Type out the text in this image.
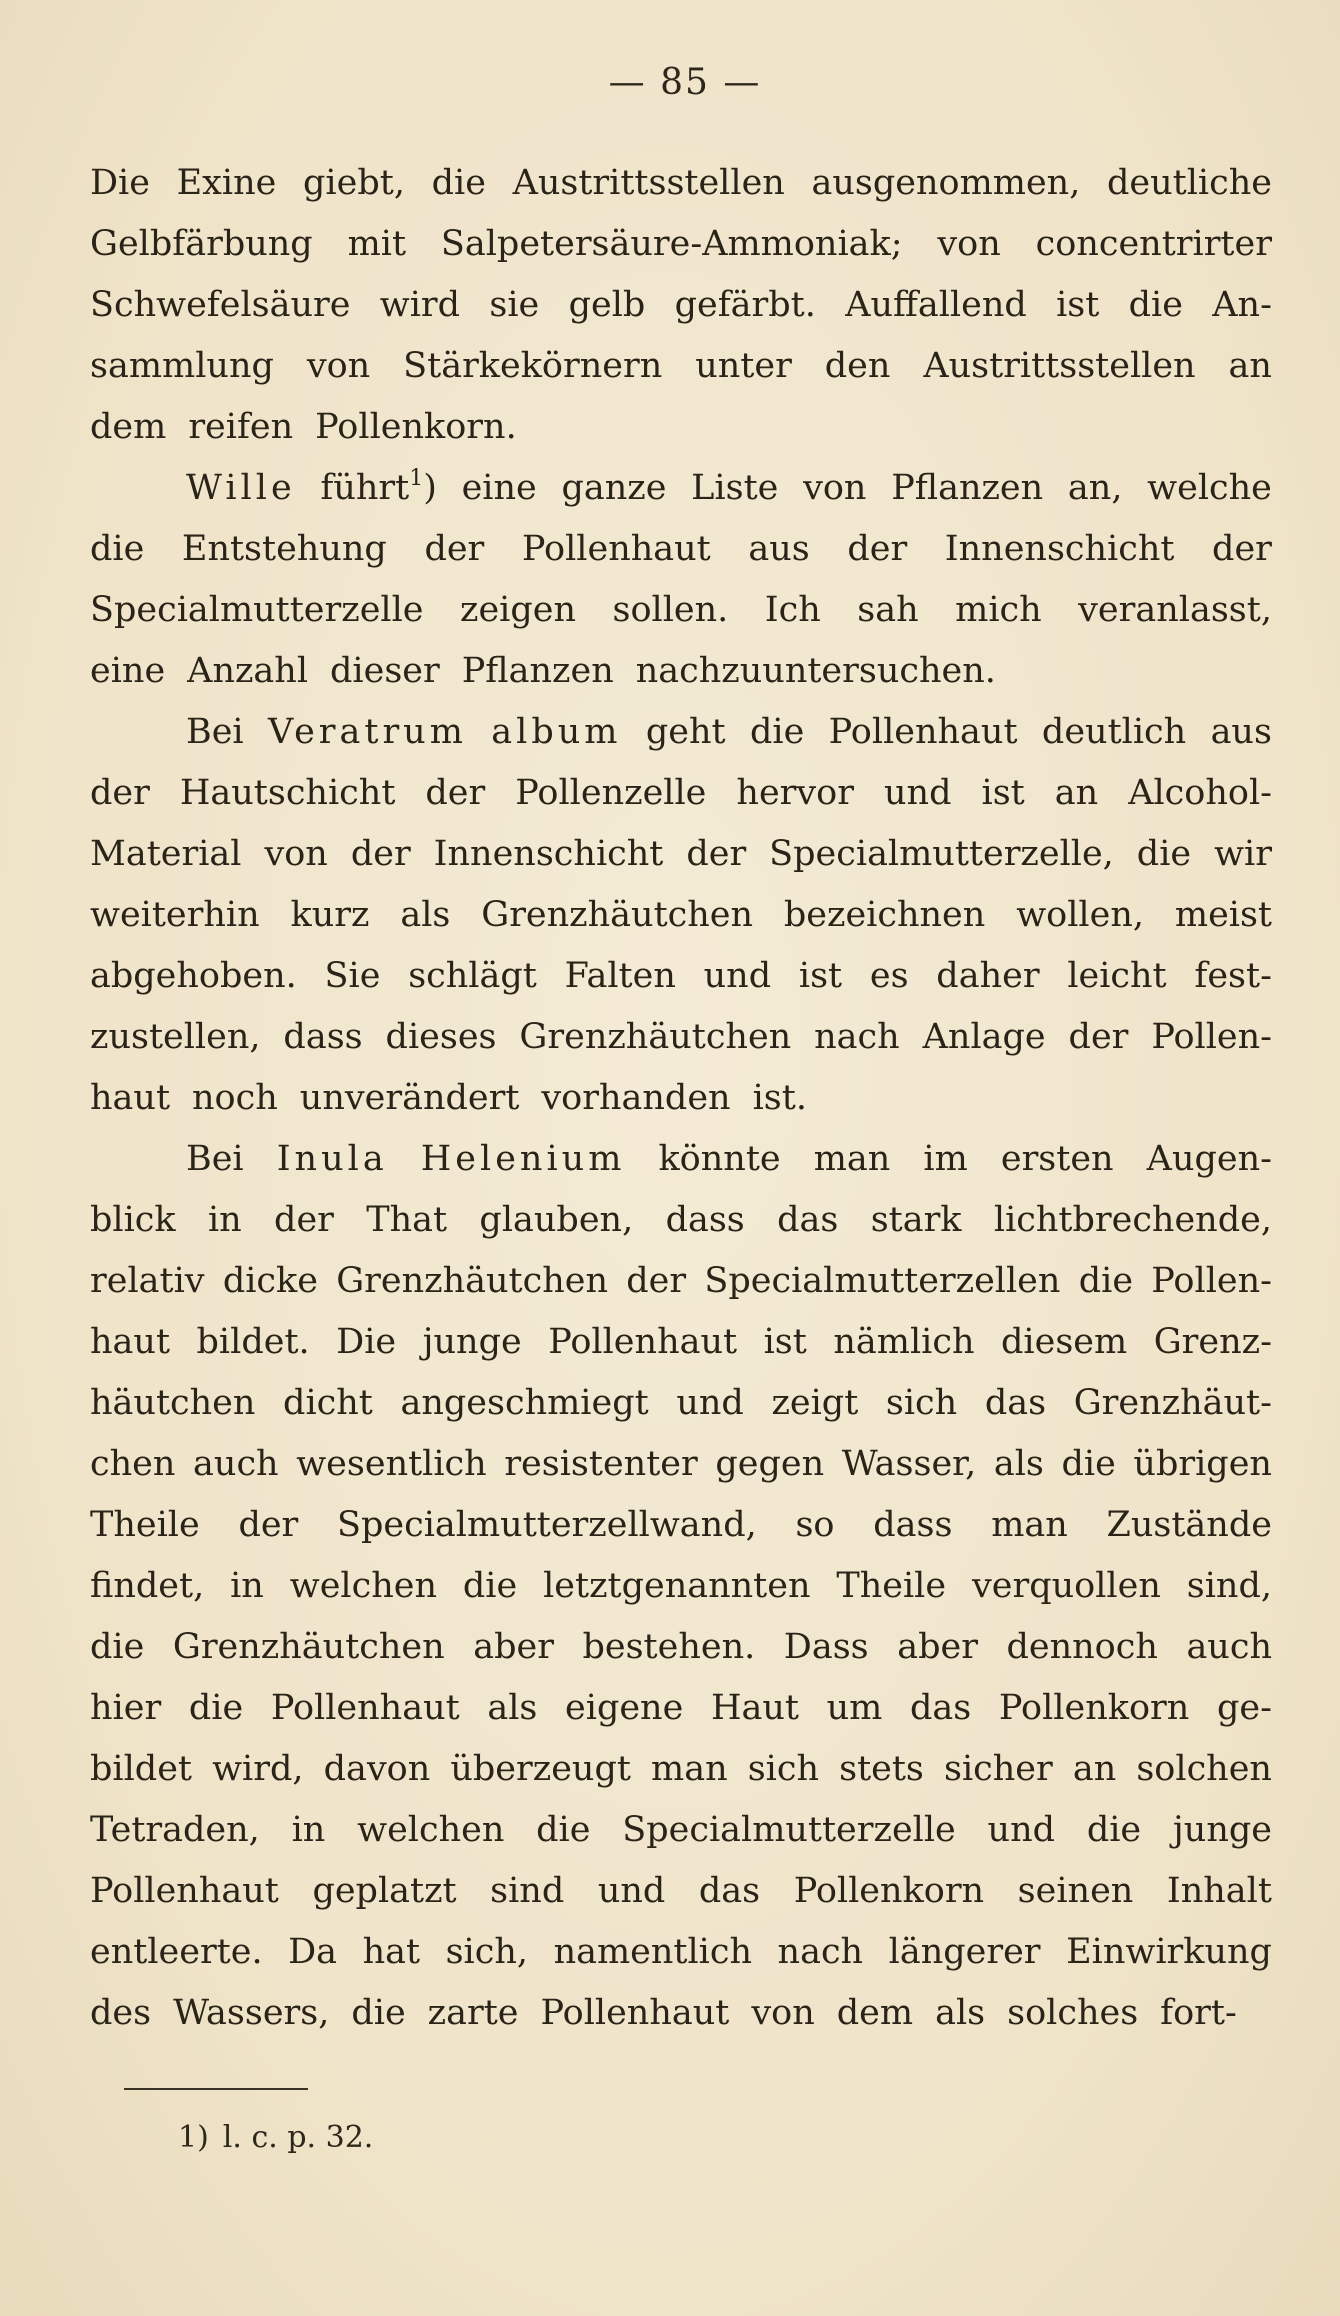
— 85 —
Die Exine giebt, die Austrittsstellen ausgenommen, deutliche
Gelbfärbung mit Salpetersäure-Ammoniak; von concentrirter
Schwefelsäure wird sie gelb gefärbt. Auffallend ist die An-
sammlung von Stärkekörnern unter den Austrittsstellen an
dem reifen Pollenkorn.
Wille führt$^1$) eine ganze Liste von Pflanzen an, welche
die Entstehung der Pollenhaut aus der Innenschicht der
Specialmutterzelle zeigen sollen. Ich sah mich veranlasst,
eine Anzahl dieser Pflanzen nachzuuntersuchen.
Bei Veratrum album geht die Pollenhaut deutlich aus
der Hautschicht der Pollenzelle hervor und ist an Alcohol-
Material von der Innenschicht der Specialmutterzelle, die wir
weiterhin kurz als Grenzhäutchen bezeichnen wollen, meist
abgehoben. Sie schlägt Falten und ist es daher leicht fest-
zustellen, dass dieses Grenzhäutchen nach Anlage der Pollen-
haut noch unverändert vorhanden ist.
Bei Inula Helenium könnte man im ersten Augen-
blick in der That glauben, dass das stark lichtbrechende,
relativ dicke Grenzhäutchen der Specialmutterzellen die Pollen-
haut bildet. Die junge Pollenhaut ist nämlich diesem Grenz-
häutchen dicht angeschmiegt und zeigt sich das Grenzhäut-
chen auch wesentlich resistenter gegen Wasser, als die übrigen
Theile der Specialmutterzellwand, so dass man Zustände
findet, in welchen die letztgenannten Theile verquollen sind,
die Grenzhäutchen aber bestehen. Dass aber dennoch auch
hier die Pollenhaut als eigene Haut um das Pollenkorn ge-
bildet wird, davon überzeugt man sich stets sicher an solchen
Tetraden, in welchen die Specialmutterzelle und die junge
Pollenhaut geplatzt sind und das Pollenkorn seinen Inhalt
entleerte. Da hat sich, namentlich nach längerer Einwirkung
des Wassers, die zarte Pollenhaut von dem als solches fort-
1) l. c. p. 32.
